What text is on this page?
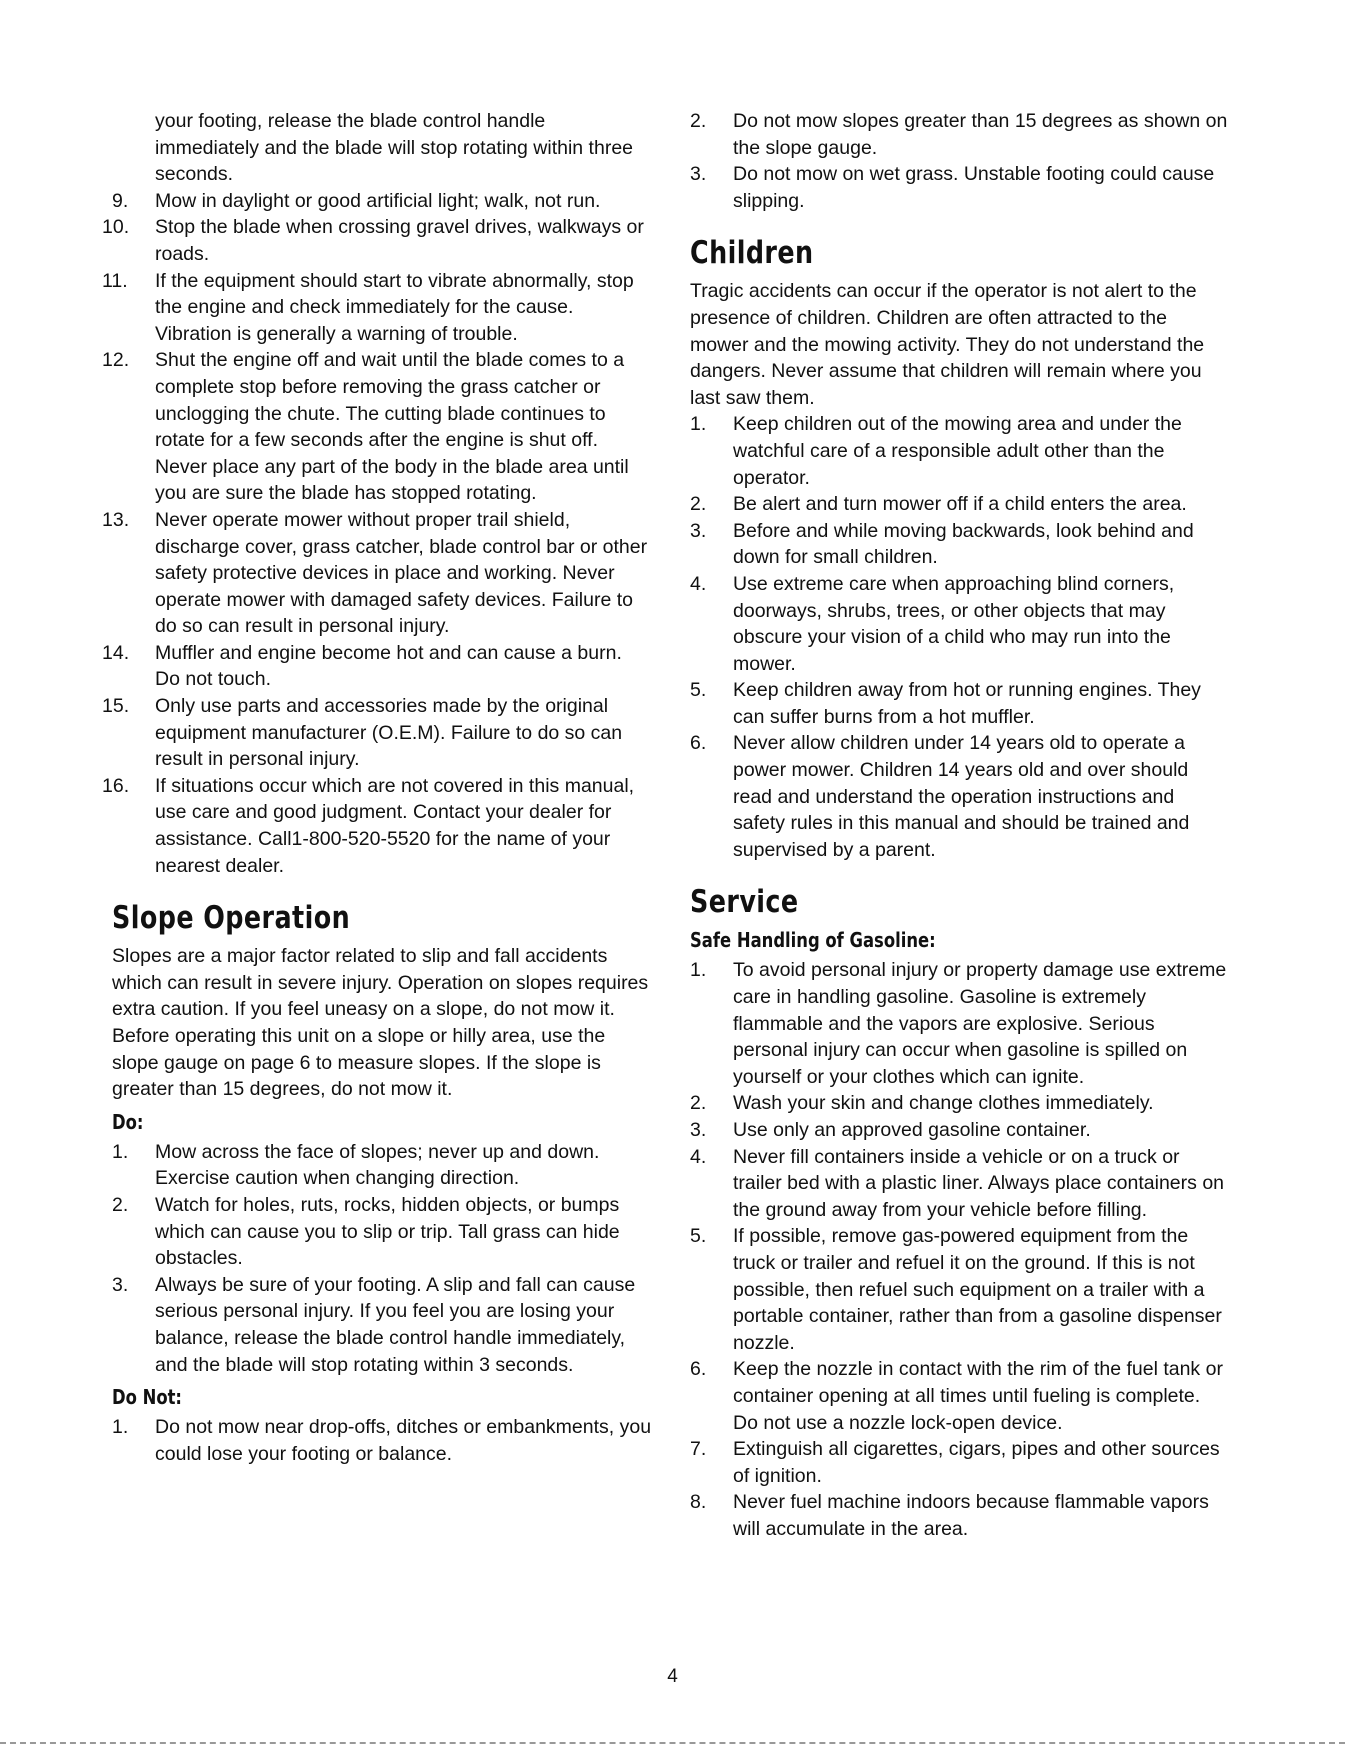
your footing, release the blade control handle immediately and the blade will stop rotating within three seconds.

9.	Mow in daylight or good artificial light; walk, not run.
10.	Stop the blade when crossing gravel drives, walkways or roads.
11.	If the equipment should start to vibrate abnormally, stop the engine and check immediately for the cause. Vibration is generally a warning of trouble.
12.	Shut the engine off and wait until the blade comes to a complete stop before removing the grass catcher or unclogging the chute. The cutting blade continues to rotate for a few seconds after the engine is shut off. Never place any part of the body in the blade area until you are sure the blade has stopped rotating.
13.	Never operate mower without proper trail shield, discharge cover, grass catcher, blade control bar or other safety protective devices in place and working. Never operate mower with damaged safety devices. Failure to do so can result in personal injury.
14.	Muffler and engine become hot and can cause a burn. Do not touch.
15.	Only use parts and accessories made by the original equipment manufacturer (O.E.M). Failure to do so can result in personal injury.
16.	If situations occur which are not covered in this manual, use care and good judgment. Contact your dealer for assistance. Call1-800-520-5520 for the name of your nearest dealer.
Slope Operation

Slopes are a major factor related to slip and fall accidents which can result in severe injury. Operation on slopes requires extra caution. If you feel uneasy on a slope, do not mow it. Before operating this unit on a slope or hilly area, use the slope gauge on page 6 to measure slopes. If the slope is greater than 15 degrees, do not mow it.

Do:
1.	Mow across the face of slopes; never up and down. Exercise caution when changing direction.
2.	Watch for holes, ruts, rocks, hidden objects, or bumps which can cause you to slip or trip. Tall grass can hide obstacles.
3.	Always be sure of your footing. A slip and fall can cause serious personal injury. If you feel you are losing your balance, release the blade control handle immediately, and the blade will stop rotating within 3 seconds.
Do Not:
1.	Do not mow near drop-offs, ditches or embankments, you could lose your footing or balance.
2.	Do not mow slopes greater than 15 degrees as shown on the slope gauge.
3.	Do not mow on wet grass. Unstable footing could cause slipping.
Children

Tragic accidents can occur if the operator is not alert to the presence of children. Children are often attracted to the mower and the mowing activity. They do not understand the dangers. Never assume that children will remain where you last saw them.

1.	Keep children out of the mowing area and under the watchful care of a responsible adult other than the operator.
2.	Be alert and turn mower off if a child enters the area.
3.	Before and while moving backwards, look behind and down for small children.
4.	Use extreme care when approaching blind corners, doorways, shrubs, trees, or other objects that may obscure your vision of a child who may run into the mower.
5.	Keep children away from hot or running engines. They can suffer burns from a hot muffler.
6.	Never allow children under 14 years old to operate a power mower. Children 14 years old and over should read and understand the operation instructions and safety rules in this manual and should be trained and supervised by a parent.
Service
Safe Handling of Gasoline:
1.	To avoid personal injury or property damage use extreme care in handling gasoline. Gasoline is extremely flammable and the vapors are explosive. Serious personal injury can occur when gasoline is spilled on yourself or your clothes which can ignite.
2.	Wash your skin and change clothes immediately.
3.	Use only an approved gasoline container.
4.	Never fill containers inside a vehicle or on a truck or trailer bed with a plastic liner. Always place containers on the ground away from your vehicle before filling.
5.	If possible, remove gas-powered equipment from the truck or trailer and refuel it on the ground. If this is not possible, then refuel such equipment on a trailer with a portable container, rather than from a gasoline dispenser nozzle.
6.	Keep the nozzle in contact with the rim of the fuel tank or container opening at all times until fueling is complete. Do not use a nozzle lock-open device.
7.	Extinguish all cigarettes, cigars, pipes and other sources of ignition.
8.	Never fuel machine indoors because flammable vapors will accumulate in the area.
4
